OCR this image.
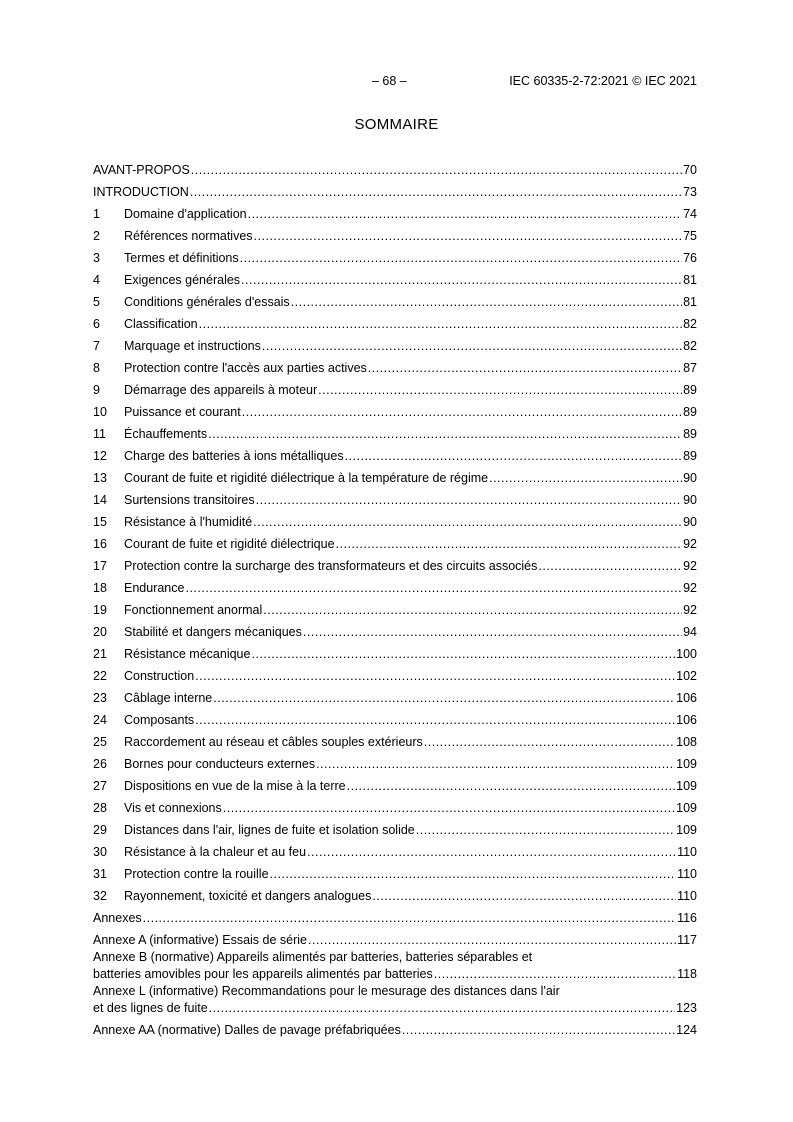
– 68 –	IEC 60335-2-72:2021 © IEC 2021
SOMMAIRE
AVANT-PROPOS .....	70
INTRODUCTION .....	73
1	Domaine d'application .....	74
2	Références normatives .....	75
3	Termes et définitions .....	76
4	Exigences générales .....	81
5	Conditions générales d'essais .....	81
6	Classification .....	82
7	Marquage et instructions .....	82
8	Protection contre l'accès aux parties actives .....	87
9	Démarrage des appareils à moteur .....	89
10	Puissance et courant .....	89
11	Échauffements .....	89
12	Charge des batteries à ions métalliques .....	89
13	Courant de fuite et rigidité diélectrique à la température de régime .....	90
14	Surtensions transitoires .....	90
15	Résistance à l'humidité .....	90
16	Courant de fuite et rigidité diélectrique .....	92
17	Protection contre la surcharge des transformateurs et des circuits associés .....	92
18	Endurance .....	92
19	Fonctionnement anormal .....	92
20	Stabilité et dangers mécaniques .....	94
21	Résistance mécanique .....	100
22	Construction .....	102
23	Câblage interne .....	106
24	Composants .....	106
25	Raccordement au réseau et câbles souples extérieurs .....	108
26	Bornes pour conducteurs externes .....	109
27	Dispositions en vue de la mise à la terre .....	109
28	Vis et connexions .....	109
29	Distances dans l'air, lignes de fuite et isolation solide .....	109
30	Résistance à la chaleur et au feu .....	110
31	Protection contre la rouille .....	110
32	Rayonnement, toxicité et dangers analogues .....	110
Annexes .....	116
Annexe A (informative) Essais de série .....	117
Annexe B (normative) Appareils alimentés par batteries, batteries séparables et
batteries amovibles pour les appareils alimentés par batteries .....	118
Annexe L (informative) Recommandations pour le mesurage des distances dans l'air
et des lignes de fuite .....	123
Annexe AA (normative) Dalles de pavage préfabriquées .....	124
